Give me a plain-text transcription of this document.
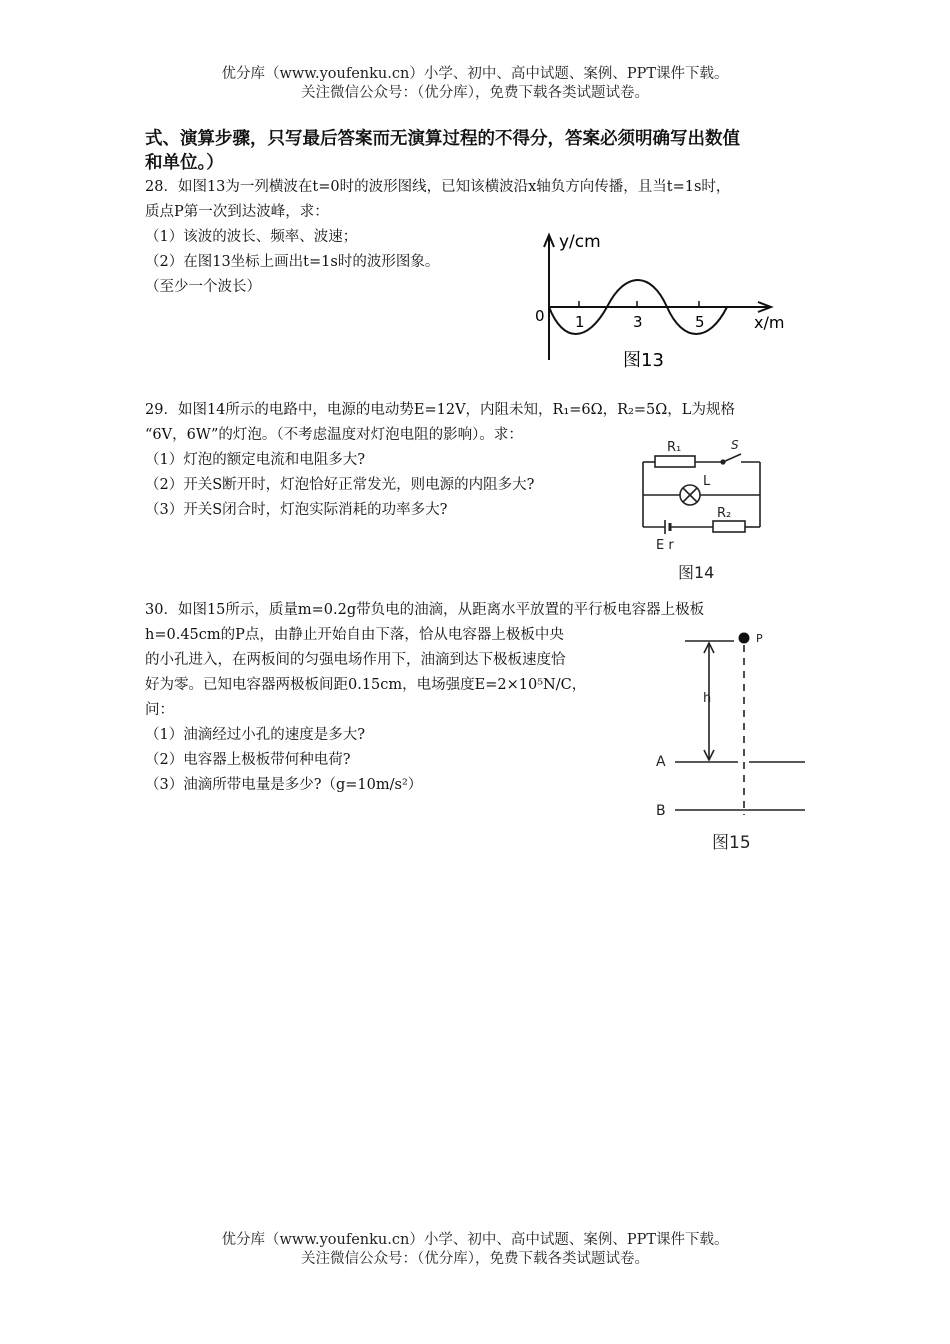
优分库（www.youfenku.cn）小学、初中、高中试题、案例、PPT课件下载。
关注微信公众号：（优分库），免费下载各类试题试卷。
式、演算步骤，只写最后答案而无演算过程的不得分，答案必须明确写出数值
和单位。）
28．如图13为一列横波在t=0时的波形图线，已知该横波沿x轴负方向传播，且当t=1s时，
质点P第一次到达波峰，求：
（1）该波的波长、频率、波速；
（2）在图13坐标上画出t=1s时的波形图象。
（至少一个波长）
y/cm
x/m
0 1	3	5
图13
29．如图14所示的电路中，电源的电动势E=12V，内阻未知，R₁=6Ω，R₂=5Ω，L为规格
“6V，6W”的灯泡。（不考虑温度对灯泡电阻的影响）。求：
（1）灯泡的额定电流和电阻多大?
（2）开关S断开时，灯泡恰好正常发光，则电源的内阻多大?
（3）开关S闭合时，灯泡实际消耗的功率多大?
R₁	S
L
R₂
E r
图14
30．如图15所示，质量m=0.2g带负电的油滴，从距离水平放置的平行板电容器上极板
h=0.45cm的P点，由静止开始自由下落，恰从电容器上极板中央
的小孔进入，在两板间的匀强电场作用下，油滴到达下极板速度恰
好为零。已知电容器两极板间距0.15cm，电场强度E=2×10⁵N/C，
问：
（1）油滴经过小孔的速度是多大?
（2）电容器上极板带何种电荷?
（3）油滴所带电量是多少?（g=10m/s²）
P
h
A
B
图15
优分库（www.youfenku.cn）小学、初中、高中试题、案例、PPT课件下载。
关注微信公众号：（优分库），免费下载各类试题试卷。
